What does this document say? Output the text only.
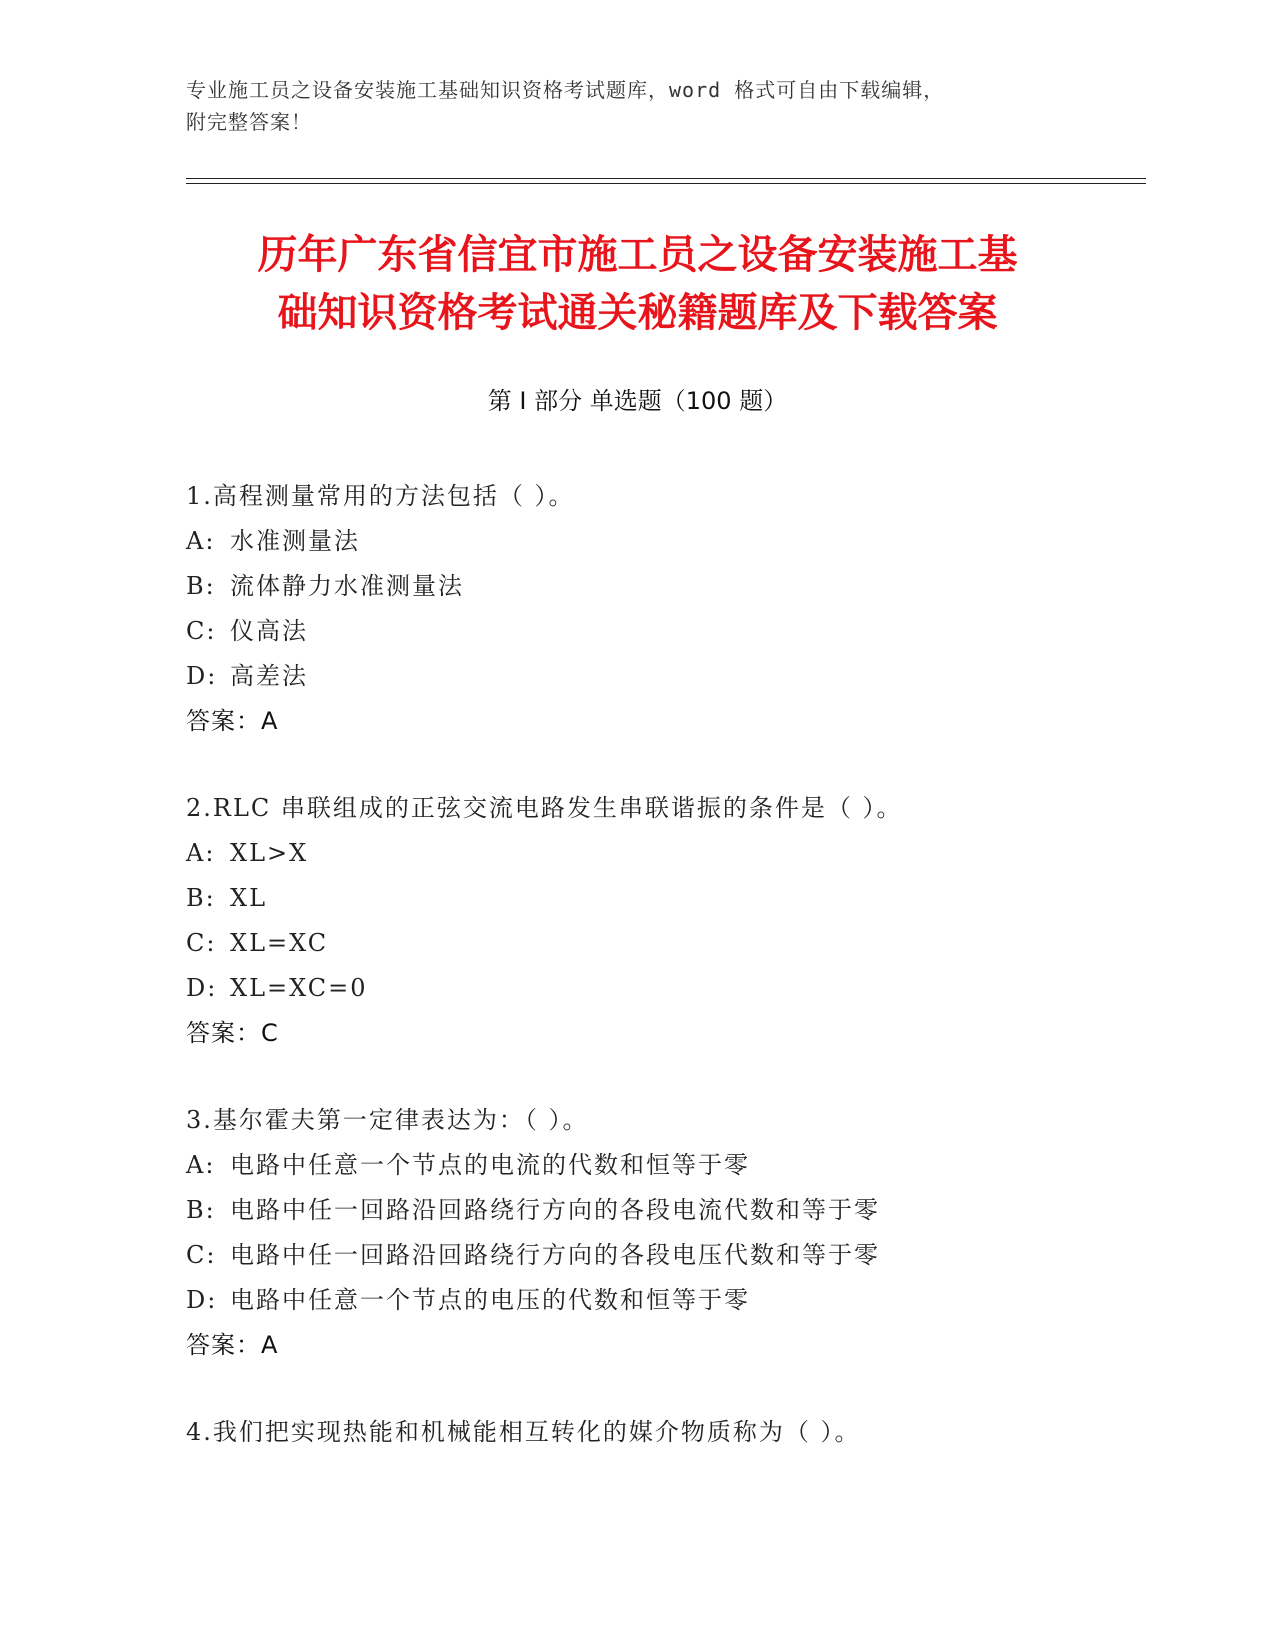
专业施工员之设备安装施工基础知识资格考试题库，word 格式可自由下载编辑，
附完整答案！
历年广东省信宜市施工员之设备安装施工基
础知识资格考试通关秘籍题库及下载答案
第 I 部分 单选题（100 题）
1.高程测量常用的方法包括（ ）。
A: 水准测量法
B: 流体静力水准测量法
C: 仪高法
D: 高差法
答案：A
2.RLC 串联组成的正弦交流电路发生串联谐振的条件是（ ）。
A: XL>X
B: XL
C: XL=XC
D: XL=XC=0
答案：C
3.基尔霍夫第一定律表达为：（ ）。
A: 电路中任意一个节点的电流的代数和恒等于零
B: 电路中任一回路沿回路绕行方向的各段电流代数和等于零
C: 电路中任一回路沿回路绕行方向的各段电压代数和等于零
D: 电路中任意一个节点的电压的代数和恒等于零
答案：A
4.我们把实现热能和机械能相互转化的媒介物质称为（ ）。
